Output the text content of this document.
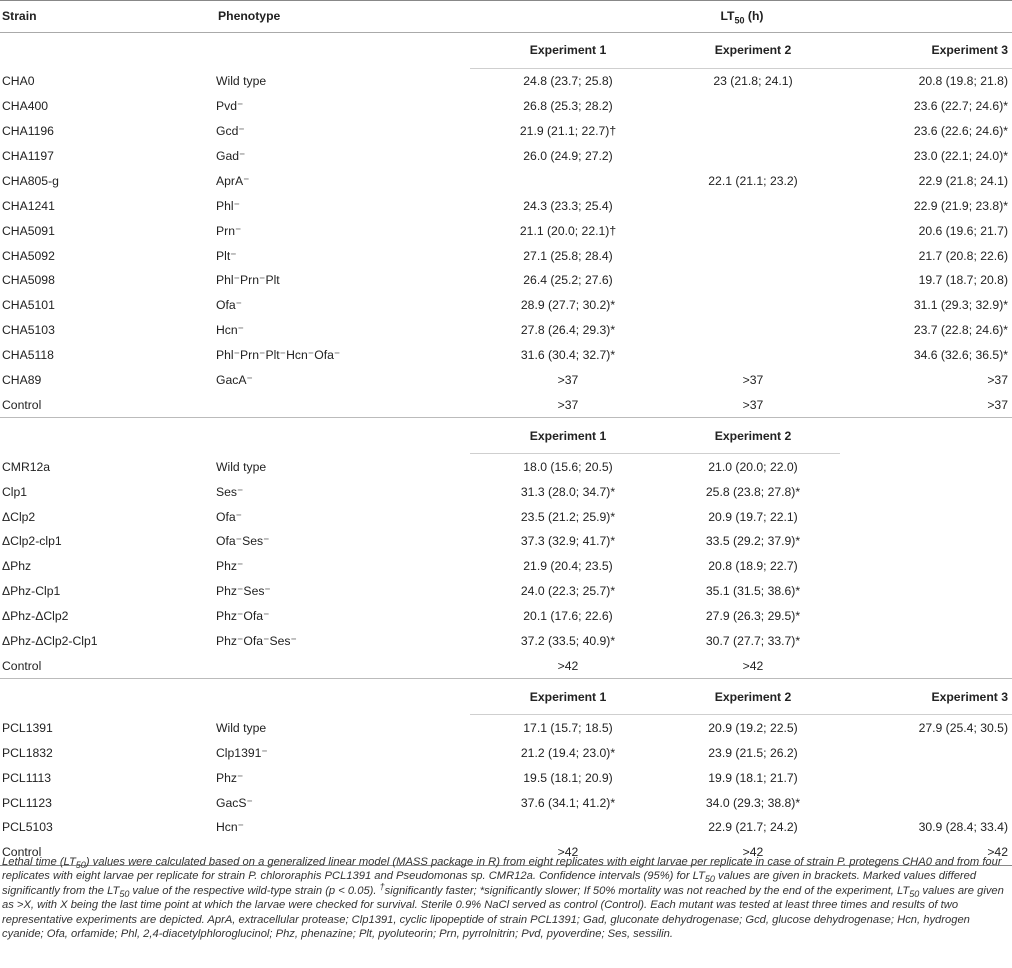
Strain	Phenotype	$LT_{50}$ (h)		
		Experiment 1	Experiment 2	Experiment 3
CHA0	Wild type	24.8 (23.7; 25.8)	23 (21.8; 24.1)	20.8 (19.8; 21.8)
CHA400	Pvd⁻	26.8 (25.3; 28.2)		23.6 (22.7; 24.6)*
CHA1196	Gcd⁻	21.9 (21.1; 22.7)†		23.6 (22.6; 24.6)*
CHA1197	Gad⁻	26.0 (24.9; 27.2)		23.0 (22.1; 24.0)*
CHA805-g	AprA⁻		22.1 (21.1; 23.2)	22.9 (21.8; 24.1)
CHA1241	Phl⁻	24.3 (23.3; 25.4)		22.9 (21.9; 23.8)*
CHA5091	Prn⁻	21.1 (20.0; 22.1)†		20.6 (19.6; 21.7)
CHA5092	Plt⁻	27.1 (25.8; 28.4)		21.7 (20.8; 22.6)
CHA5098	Phl⁻Prn⁻Plt	26.4 (25.2; 27.6)		19.7 (18.7; 20.8)
CHA5101	Ofa⁻	28.9 (27.7; 30.2)*		31.1 (29.3; 32.9)*
CHA5103	Hcn⁻	27.8 (26.4; 29.3)*		23.7 (22.8; 24.6)*
CHA5118	Phl⁻Prn⁻Plt⁻Hcn⁻Ofa⁻	31.6 (30.4; 32.7)*		34.6 (32.6; 36.5)*
CHA89	GacA⁻	>37	>37	>37
Control		>37	>37	>37
		Experiment 1	Experiment 2	
CMR12a	Wild type	18.0 (15.6; 20.5)	21.0 (20.0; 22.0)	
Clp1	Ses⁻	31.3 (28.0; 34.7)*	25.8 (23.8; 27.8)*	
ΔClp2	Ofa⁻	23.5 (21.2; 25.9)*	20.9 (19.7; 22.1)	
ΔClp2-clp1	Ofa⁻Ses⁻	37.3 (32.9; 41.7)*	33.5 (29.2; 37.9)*	
ΔPhz	Phz⁻	21.9 (20.4; 23.5)	20.8 (18.9; 22.7)	
ΔPhz-Clp1	Phz⁻Ses⁻	24.0 (22.3; 25.7)*	35.1 (31.5; 38.6)*	
ΔPhz-ΔClp2	Phz⁻Ofa⁻	20.1 (17.6; 22.6)	27.9 (26.3; 29.5)*	
ΔPhz-ΔClp2-Clp1	Phz⁻Ofa⁻Ses⁻	37.2 (33.5; 40.9)*	30.7 (27.7; 33.7)*	
Control		>42	>42	
		Experiment 1	Experiment 2	Experiment 3
PCL1391	Wild type	17.1 (15.7; 18.5)	20.9 (19.2; 22.5)	27.9 (25.4; 30.5)
PCL1832	Clp1391⁻	21.2 (19.4; 23.0)*	23.9 (21.5; 26.2)	
PCL1113	Phz⁻	19.5 (18.1; 20.9)	19.9 (18.1; 21.7)	
PCL1123	GacS⁻	37.6 (34.1; 41.2)*	34.0 (29.3; 38.8)*	
PCL5103	Hcn⁻		22.9 (21.7; 24.2)	30.9 (28.4; 33.4)
Control		>42	>42	>42
Lethal time $(LT_{50})$ values were calculated based on a generalized linear model (MASS package in R) from eight replicates with eight larvae per replicate in case of strain P. protegens CHA0 and from four replicates with eight larvae per replicate for strain P. chlororaphis PCL1391 and Pseudomonas sp. CMR12a. Confidence intervals (95%) for $LT_{50}$ values are given in brackets. Marked values differed significantly from the $LT_{50}$ value of the respective wild-type strain (p < 0.05). †significantly faster; *significantly slower; If 50% mortality was not reached by the end of the experiment, $LT_{50}$ values are given as >X, with X being the last time point at which the larvae were checked for survival. Sterile 0.9% NaCl served as control (Control). Each mutant was tested at least three times and results of two representative experiments are depicted. AprA, extracellular protease; Clp1391, cyclic lipopeptide of strain PCL1391; Gad, gluconate dehydrogenase; Gcd, glucose dehydrogenase; Hcn, hydrogen cyanide; Ofa, orfamide; Phl, 2,4-diacetylphloroglucinol; Phz, phenazine; Plt, pyoluteorin; Prn, pyrrolnitrin; Pvd, pyoverdine; Ses, sessilin.
